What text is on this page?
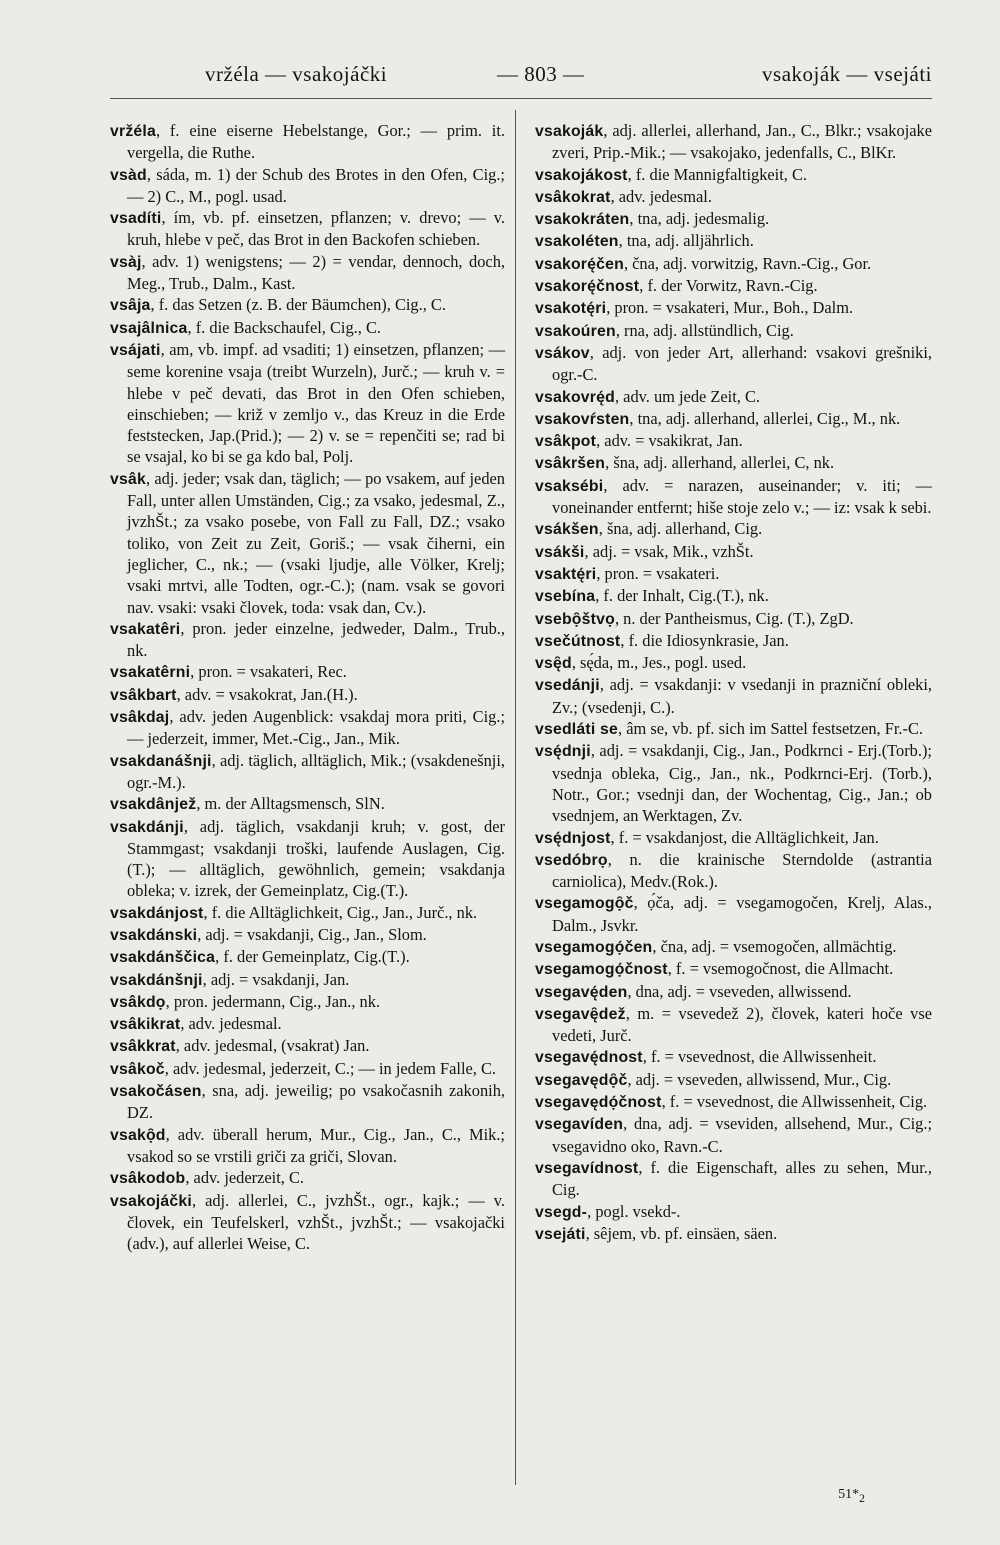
vržéla — vsakojáčki	— 803 —	vsakoják — vsejáti

vržéla, f. eine eiserne Hebelstange, Gor.; — prim. it. vergella, die Ruthe.

vsàd, sáda, m. 1) der Schub des Brotes in den Ofen, Cig.; — 2) C., M., pogl. usad.

vsadíti, ím, vb. pf. einsetzen, pflanzen; v. drevo; — v. kruh, hlebe v peč, das Brot in den Backofen schieben.

vsàj, adv. 1) wenigstens; — 2) = vendar, dennoch, doch, Meg., Trub., Dalm., Kast.

vsâja, f. das Setzen (z. B. der Bäumchen), Cig., C.

vsajâlnica, f. die Backschaufel, Cig., C.

vsájati, am, vb. impf. ad vsaditi; 1) einsetzen, pflanzen; — seme korenine vsaja (treibt Wurzeln), Jurč.; — kruh v. = hlebe v peč devati, das Brot in den Ofen schieben, einschieben; — križ v zemljo v., das Kreuz in die Erde feststecken, Jap.(Prid.); — 2) v. se = repenčiti se; rad bi se vsajal, ko bi se ga kdo bal, Polj.

vsâk, adj. jeder; vsak dan, täglich; — po vsakem, auf jeden Fall, unter allen Umständen, Cig.; za vsako, jedesmal, Z., jvzhŠt.; za vsako posebe, von Fall zu Fall, DZ.; vsako toliko, von Zeit zu Zeit, Goriš.; — vsak čiherni, ein jeglicher, C., nk.; — (vsaki ljudje, alle Völker, Krelj; vsaki mrtvi, alle Todten, ogr.-C.); (nam. vsak se govori nav. vsaki: vsaki človek, toda: vsak dan, Cv.).

vsakatêri, pron. jeder einzelne, jedweder, Dalm., Trub., nk.

vsakatêrni, pron. = vsakateri, Rec.

vsâkbart, adv. = vsakokrat, Jan.(H.).

vsâkdaj, adv. jeden Augenblick: vsakdaj mora priti, Cig.; — jederzeit, immer, Met.-Cig., Jan., Mik.

vsakdanášnji, adj. täglich, alltäglich, Mik.; (vsakdenešnji, ogr.-M.).

vsakdânjež, m. der Alltagsmensch, SlN.

vsakdánji, adj. täglich, vsakdanji kruh; v. gost, der Stammgast; vsakdanji troški, laufende Auslagen, Cig.(T.); — alltäglich, gewöhnlich, gemein; vsakdanja obleka; v. izrek, der Gemeinplatz, Cig.(T.).

vsakdánjost, f. die Alltäglichkeit, Cig., Jan., Jurč., nk.

vsakdánski, adj. = vsakdanji, Cig., Jan., Slom.

vsakdánščica, f. der Gemeinplatz, Cig.(T.).

vsakdánšnji, adj. = vsakdanji, Jan.

vsâkdọ, pron. jedermann, Cig., Jan., nk.

vsâkikrat, adv. jedesmal.

vsâkkrat, adv. jedesmal, (vsakrat) Jan.

vsâkoč, adv. jedesmal, jederzeit, C.; — in jedem Falle, C.

vsakočásen, sna, adj. jeweilig; po vsakočasnih zakonih, DZ.

vsakọ̑d, adv. überall herum, Mur., Cig., Jan., C., Mik.; vsakod so se vrstili griči za griči, Slovan.

vsâkodob, adv. jederzeit, C.

vsakojáčki, adj. allerlei, C., jvzhŠt., ogr., kajk.; — v. človek, ein Teufelskerl, vzhŠt., jvzhŠt.; — vsakojački (adv.), auf allerlei Weise, C.

vsakoják, adj. allerlei, allerhand, Jan., C., Blkr.; vsakojake zveri, Prip.-Mik.; — vsakojako, jedenfalls, C., BlKr.

vsakojákost, f. die Mannigfaltigkeit, C.

vsâkokrat, adv. jedesmal.

vsakokráten, tna, adj. jedesmalig.

vsakoléten, tna, adj. alljährlich.

vsakorę́čen, čna, adj. vorwitzig, Ravn.-Cig., Gor.

vsakorę́čnost, f. der Vorwitz, Ravn.-Cig.

vsakotę́ri, pron. = vsakateri, Mur., Boh., Dalm.

vsakoúren, rna, adj. allstündlich, Cig.

vsákov, adj. von jeder Art, allerhand: vsakovi grešniki, ogr.-C.

vsakovrę́d, adv. um jede Zeit, C.

vsakovŕsten, tna, adj. allerhand, allerlei, Cig., M., nk.

vsâkpot, adv. = vsakikrat, Jan.

vsâkršen, šna, adj. allerhand, allerlei, C, nk.

vsaksébi, adv. = narazen, auseinander; v. iti; — voneinander entfernt; hiše stoje zelo v.; — iz: vsak k sebi.

vsákšen, šna, adj. allerhand, Cig.

vsákši, adj. = vsak, Mik., vzhŠt.

vsaktę́ri, pron. = vsakateri.

vsebína, f. der Inhalt, Cig.(T.), nk.

vsebọ̑štvọ, n. der Pantheismus, Cig. (T.), ZgD.

vsečútnost, f. die Idiosynkrasie, Jan.

vsę̑d, sę́da, m., Jes., pogl. used.

vsedánji, adj. = vsakdanji: v vsedanji in prazniční obleki, Zv.; (vsedenji, C.).

vsedláti se, âm se, vb. pf. sich im Sattel festsetzen, Fr.-C.

vsę́dnji, adj. = vsakdanji, Cig., Jan., Podkrnci - Erj.(Torb.); vsednja obleka, Cig., Jan., nk., Podkrnci-Erj. (Torb.), Notr., Gor.; vsednji dan, der Wochentag, Cig., Jan.; ob vsednjem, an Werktagen, Zv.

vsę́dnjost, f. = vsakdanjost, die Alltäglichkeit, Jan.

vsedóbrọ, n. die krainische Sterndolde (astrantia carniolica), Medv.(Rok.).

vsegamogọ̑č, ọ́ča, adj. = vsegamogočen, Krelj, Alas., Dalm., Jsvkr.

vsegamogọ́čen, čna, adj. = vsemogočen, allmächtig.

vsegamogọ́čnost, f. = vsemogočnost, die Allmacht.

vsegavę́den, dna, adj. = vseveden, allwissend.

vsegavę̑dež, m. = vsevedež 2), človek, kateri hoče vse vedeti, Jurč.

vsegavę́dnost, f. = vsevednost, die Allwissenheit.

vsegavędọ̑č, adj. = vseveden, allwissend, Mur., Cig.

vsegavędọ́čnost, f. = vsevednost, die Allwissenheit, Cig.

vsegavíden, dna, adj. = vseviden, allsehend, Mur., Cig.; vsegavidno oko, Ravn.-C.

vsegavídnost, f. die Eigenschaft, alles zu sehen, Mur., Cig.

vsegd-, pogl. vsekd-.

vsejáti, sêjem, vb. pf. einsäen, säen.

$51*_2$
